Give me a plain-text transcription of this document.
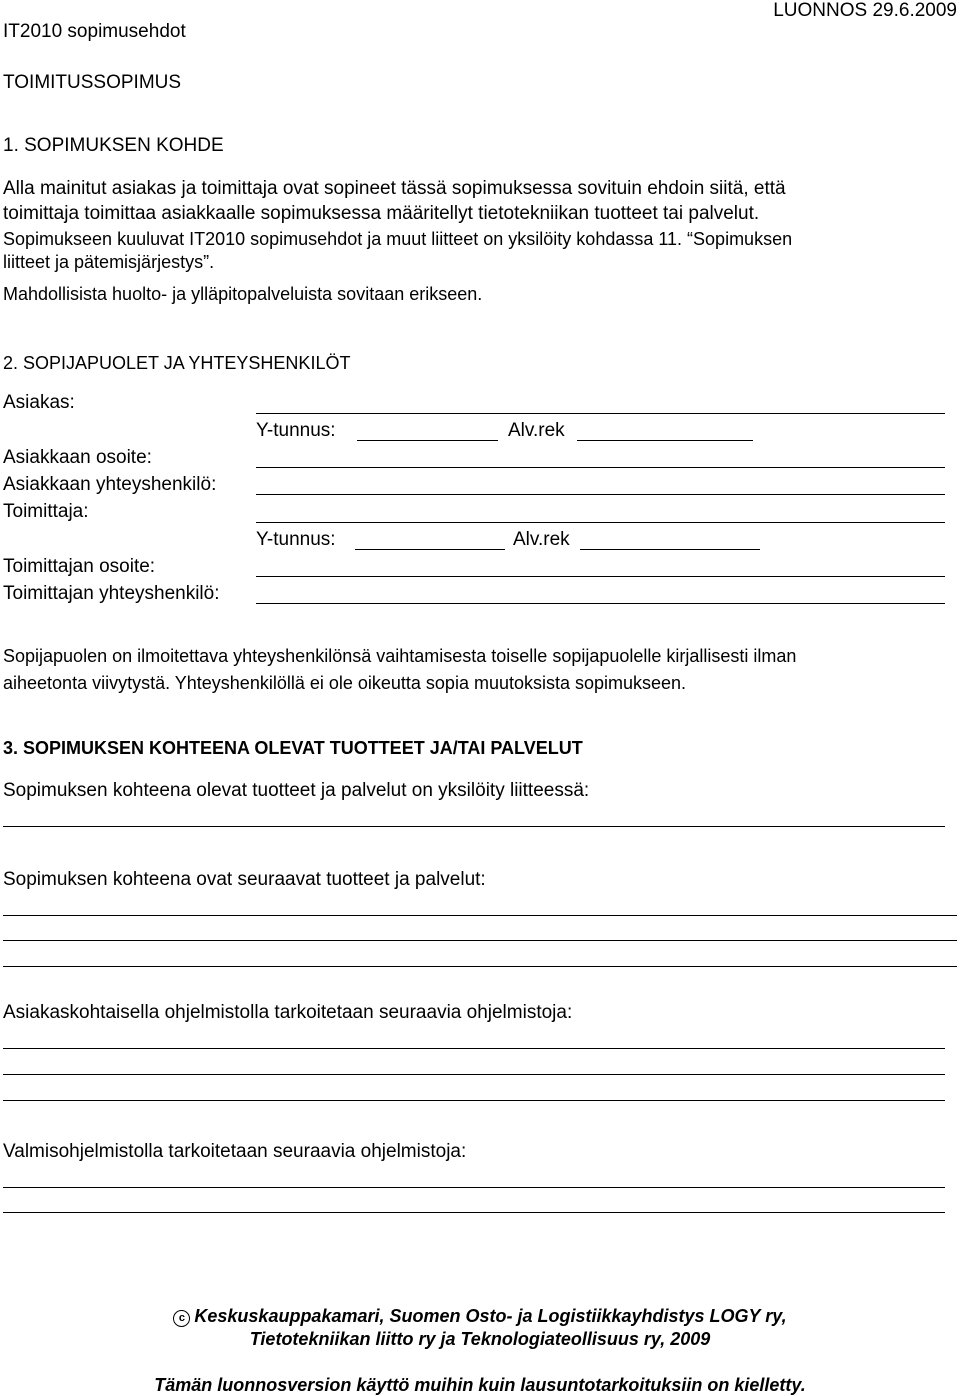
IT2010 sopimusehdot
LUONNOS 29.6.2009
TOIMITUSSOPIMUS
1. SOPIMUKSEN KOHDE
Alla mainitut asiakas ja toimittaja ovat sopineet tässä sopimuksessa sovituin ehdoin siitä, että
toimittaja toimittaa asiakkaalle sopimuksessa määritellyt tietotekniikan tuotteet tai palvelut.
Sopimukseen kuuluvat IT2010 sopimusehdot ja muut liitteet on yksilöity kohdassa 11. “Sopimuksen
liitteet ja pätemisjärjestys”.
Mahdollisista huolto- ja ylläpitopalveluista sovitaan erikseen.
2. SOPIJAPUOLET JA YHTEYSHENKILÖT
Asiakas:
Y-tunnus:	Alv.rek
Asiakkaan osoite:
Asiakkaan yhteyshenkilö:
Toimittaja:
Y-tunnus:	Alv.rek
Toimittajan osoite:
Toimittajan yhteyshenkilö:
Sopijapuolen on ilmoitettava yhteyshenkilönsä vaihtamisesta toiselle sopijapuolelle kirjallisesti ilman
aiheetonta viivytystä. Yhteyshenkilöllä ei ole oikeutta sopia muutoksista sopimukseen.
3. SOPIMUKSEN KOHTEENA OLEVAT TUOTTEET JA/TAI PALVELUT
Sopimuksen kohteena olevat tuotteet ja palvelut on yksilöity liitteessä:
Sopimuksen kohteena ovat seuraavat tuotteet ja palvelut:
Asiakaskohtaisella ohjelmistolla tarkoitetaan seuraavia ohjelmistoja:
Valmisohjelmistolla tarkoitetaan seuraavia ohjelmistoja:
c Keskuskauppakamari, Suomen Osto- ja Logistiikkayhdistys LOGY ry,
Tietotekniikan liitto ry ja Teknologiateollisuus ry, 2009
Tämän luonnosversion käyttö muihin kuin lausuntotarkoituksiin on kielletty.
